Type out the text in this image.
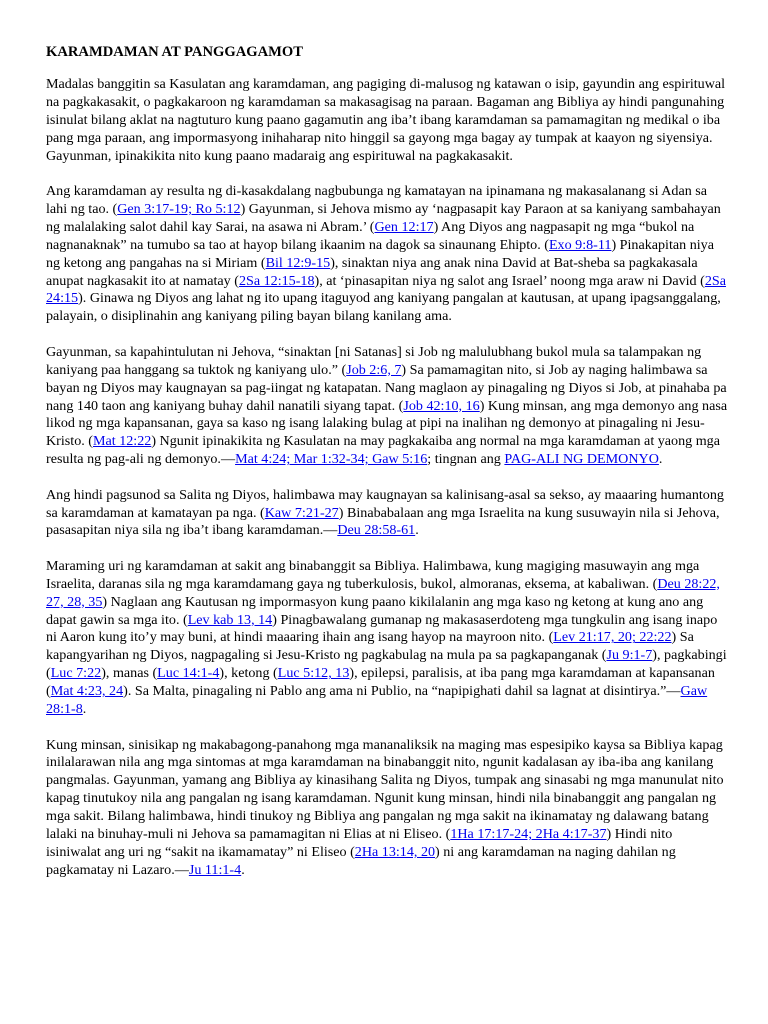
KARAMDAMAN AT PANGGAGAMOT

Madalas banggitin sa Kasulatan ang karamdaman, ang pagiging di-malusog ng katawan o isip, gayundin ang espirituwal na pagkakasakit, o pagkakaroon ng karamdaman sa makasagisag na paraan. Bagaman ang Bibliya ay hindi pangunahing isinulat bilang aklat na nagtuturo kung paano gagamutin ang iba’t ibang karamdaman sa pamamagitan ng medikal o iba pang mga paraan, ang impormasyong inihaharap nito hinggil sa gayong mga bagay ay tumpak at kaayon ng siyensiya. Gayunman, ipinakikita nito kung paano madaraig ang espirituwal na pagkakasakit.

Ang karamdaman ay resulta ng di-kasakdalang nagbubunga ng kamatayan na ipinamana ng makasalanang si Adan sa lahi ng tao. (Gen 3:17-19; Ro 5:12) Gayunman, si Jehova mismo ay ‘nagpasapit kay Paraon at sa kaniyang sambahayan ng malalaking salot dahil kay Sarai, na asawa ni Abram.’ (Gen 12:17) Ang Diyos ang nagpasapit ng mga “bukol na nagnanaknak” na tumubo sa tao at hayop bilang ikaanim na dagok sa sinaunang Ehipto. (Exo 9:8-11) Pinakapitan niya ng ketong ang pangahas na si Miriam (Bil 12:9-15), sinaktan niya ang anak nina David at Bat-sheba sa pagkakasala anupat nagkasakit ito at namatay (2Sa 12:15-18), at ‘pinasapitan niya ng salot ang Israel’ noong mga araw ni David (2Sa 24:15). Ginawa ng Diyos ang lahat ng ito upang itaguyod ang kaniyang pangalan at kautusan, at upang ipagsanggalang, palayain, o disiplinahin ang kaniyang piling bayan bilang kanilang ama.

Gayunman, sa kapahintulutan ni Jehova, “sinaktan [ni Satanas] si Job ng malulubhang bukol mula sa talampakan ng kaniyang paa hanggang sa tuktok ng kaniyang ulo.” (Job 2:6, 7) Sa pamamagitan nito, si Job ay naging halimbawa sa bayan ng Diyos may kaugnayan sa pag-iingat ng katapatan. Nang maglaon ay pinagaling ng Diyos si Job, at pinahaba pa nang 140 taon ang kaniyang buhay dahil nanatili siyang tapat. (Job 42:10, 16) Kung minsan, ang mga demonyo ang nasa likod ng mga kapansanan, gaya sa kaso ng isang lalaking bulag at pipi na inalihan ng demonyo at pinagaling ni Jesu-Kristo. (Mat 12:22) Ngunit ipinakikita ng Kasulatan na may pagkakaiba ang normal na mga karamdaman at yaong mga resulta ng pag-ali ng demonyo.—Mat 4:24; Mar 1:32-34; Gaw 5:16; tingnan ang PAG-ALI NG DEMONYO.

Ang hindi pagsunod sa Salita ng Diyos, halimbawa may kaugnayan sa kalinisang-asal sa sekso, ay maaaring humantong sa karamdaman at kamatayan pa nga. (Kaw 7:21-27) Binababalaan ang mga Israelita na kung susuwayin nila si Jehova, pasasapitan niya sila ng iba’t ibang karamdaman.—Deu 28:58-61.

Maraming uri ng karamdaman at sakit ang binabanggit sa Bibliya. Halimbawa, kung magiging masuwayin ang mga Israelita, daranas sila ng mga karamdamang gaya ng tuberkulosis, bukol, almoranas, eksema, at kabaliwan. (Deu 28:22, 27, 28, 35) Naglaan ang Kautusan ng impormasyon kung paano kikilalanin ang mga kaso ng ketong at kung ano ang dapat gawin sa mga ito. (Lev kab 13, 14) Pinagbawalang gumanap ng makasaserdoteng mga tungkulin ang isang inapo ni Aaron kung ito’y may buni, at hindi maaaring ihain ang isang hayop na mayroon nito. (Lev 21:17, 20; 22:22) Sa kapangyarihan ng Diyos, nagpagaling si Jesu-Kristo ng pagkabulag na mula pa sa pagkapanganak (Ju 9:1-7), pagkabingi (Luc 7:22), manas (Luc 14:1-4), ketong (Luc 5:12, 13), epilepsi, paralisis, at iba pang mga karamdaman at kapansanan (Mat 4:23, 24). Sa Malta, pinagaling ni Pablo ang ama ni Publio, na “napipighati dahil sa lagnat at disintirya.”—Gaw 28:1-8.

Kung minsan, sinisikap ng makabagong-panahong mga mananaliksik na maging mas espesipiko kaysa sa Bibliya kapag inilalarawan nila ang mga sintomas at mga karamdaman na binabanggit nito, ngunit kadalasan ay iba-iba ang kanilang pangmalas. Gayunman, yamang ang Bibliya ay kinasihang Salita ng Diyos, tumpak ang sinasabi ng mga manunulat nito kapag tinutukoy nila ang pangalan ng isang karamdaman. Ngunit kung minsan, hindi nila binabanggit ang pangalan ng mga sakit. Bilang halimbawa, hindi tinukoy ng Bibliya ang pangalan ng mga sakit na ikinamatay ng dalawang batang lalaki na binuhay-muli ni Jehova sa pamamagitan ni Elias at ni Eliseo. (1Ha 17:17-24; 2Ha 4:17-37) Hindi nito isiniwalat ang uri ng “sakit na ikamamatay” ni Eliseo (2Ha 13:14, 20) ni ang karamdaman na naging dahilan ng pagkamatay ni Lazaro.—Ju 11:1-4.
